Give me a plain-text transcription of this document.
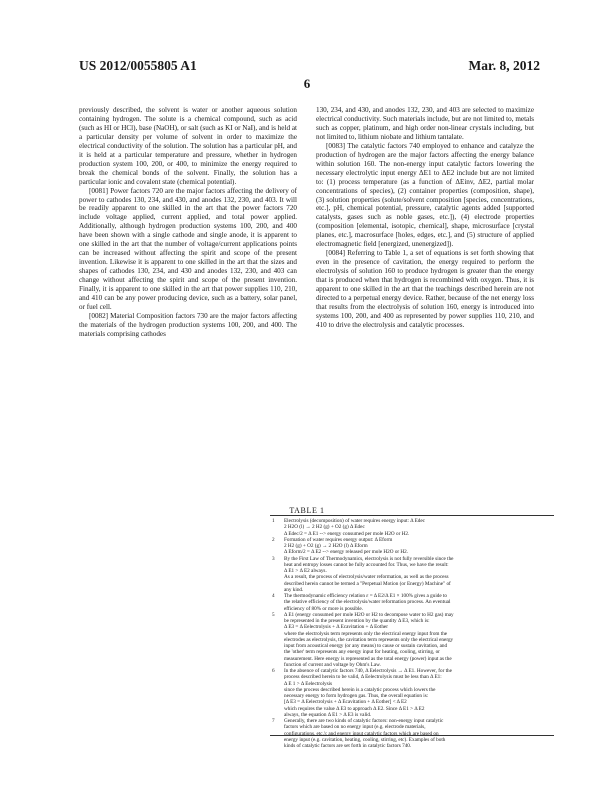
US 2012/0055805 A1	Mar. 8, 2012
6

previously described, the solvent is water or another aqueous solution containing hydrogen. The solute is a chemical compound, such as acid (such as HI or HCl), base (NaOH), or salt (such as KI or NaI), and is held at a particular density per volume of solvent in order to maximize the electrical conductivity of the solution. The solution has a particular pH, and it is held at a particular temperature and pressure, whether in hydrogen production system 100, 200, or 400, to minimize the energy required to break the chemical bonds of the solvent. Finally, the solution has a particular ionic and covalent state (chemical potential).

[0081] Power factors 720 are the major factors affecting the delivery of power to cathodes 130, 234, and 430, and anodes 132, 230, and 403. It will be readily apparent to one skilled in the art that the power factors 720 include voltage applied, current applied, and total power applied. Additionally, although hydrogen production systems 100, 200, and 400 have been shown with a single cathode and single anode, it is apparent to one skilled in the art that the number of voltage/current applications points can be increased without affecting the spirit and scope of the present invention. Likewise it is apparent to one skilled in the art that the sizes and shapes of cathodes 130, 234, and 430 and anodes 132, 230, and 403 can change without affecting the spirit and scope of the present invention. Finally, it is apparent to one skilled in the art that power supplies 110, 210, and 410 can be any power producing device, such as a battery, solar panel, or fuel cell.

[0082] Material Composition factors 730 are the major factors affecting the materials of the hydrogen production systems 100, 200, and 400. The materials comprising cathodes

130, 234, and 430, and anodes 132, 230, and 403 are selected to maximize electrical conductivity. Such materials include, but are not limited to, metals such as copper, platinum, and high order non-linear crystals including, but not limited to, lithium niobate and lithium tantalate.

[0083] The catalytic factors 740 employed to enhance and catalyze the production of hydrogen are the major factors affecting the energy balance within solution 160. The non-energy input catalytic factors lowering the necessary electrolytic input energy ΔE1 to ΔE2 include but are not limited to: (1) process temperature (as a function of ΔEinv, ΔE2, partial molar concentrations of species), (2) container properties (composition, shape), (3) solution properties (solute/solvent composition [species, concentrations, etc.], pH, chemical potential, pressure, catalytic agents added [supported catalysts, gases such as noble gases, etc.]), (4) electrode properties (composition [elemental, isotopic, chemical], shape, microsurface [crystal planes, etc.], macrosurface [holes, edges, etc.], and (5) structure of applied electromagnetic field [energized, unenergized]).

[0084] Referring to Table 1, a set of equations is set forth showing that even in the presence of cavitation, the energy required to perform the electrolysis of solution 160 to produce hydrogen is greater than the energy that is produced when that hydrogen is recombined with oxygen. Thus, it is apparent to one skilled in the art that the teachings described herein are not directed to a perpetual energy device. Rather, because of the net energy loss that results from the electrolysis of solution 160, energy is introduced into systems 100, 200, and 400 as represented by power supplies 110, 210, and 410 to drive the electrolysis and catalytic processes.

TABLE 1
1	Electrolysis (decomposition) of water requires energy input: Δ Edec
2 H2O (l) → 2 H2 (g) + O2 (g) Δ Edec
Δ Edec/2 = Δ E1 --> energy consumed per mole H2O or H2.
2	Formation of water requires energy output: Δ Eform
2 H2 (g) + O2 (g) → 2 H2O (l) Δ Eform
Δ Eform/2 = Δ E2 --> energy released per mole H2O or H2.
3	By the First Law of Thermodynamics, electrolysis is not fully reversible since the
heat and entropy losses cannot be fully accounted for. Thus, we have the result:
Δ E1 > Δ E2 always.
As a result, the process of electrolysis/water reformation, as well as the process
described herein cannot be termed a "Perpetual Motion (or Energy) Machine" of
any kind.
4	The thermodynamic efficiency relation ε = Δ E2/Δ E1 × 100% gives a guide to
the relative efficiency of the electrolysis/water reformation process. An eventual
efficiency of 80% or more is possible.
5	Δ E1 (energy consumed per mole H2O or H2 to decompose water to H2 gas) may
be represented in the present invention by the quantity Δ E3, which is:
Δ E3 = Δ Eelectrolysis + Δ Ecavitation + Δ Eother
where the electrolysis term represents only the electrical energy input from the
electrodes as electrolysis, the cavitation term represents only the electrical energy
input from acoustical energy (or any means) to cause or sustain cavitation, and
the 'other' term represents any energy input for heating, cooling, stirring, or
measurement. Here energy is represented as the total energy (power) input as the
function of current and voltage by Ohm's Law.
6	In the absence of catalytic factors 740, Δ Eelectrolysis → Δ E1. However, for the
process described herein to be valid, Δ Eelectrolysis must be less than Δ E1:
Δ E 1 > Δ Eelectrolysis
since the process described herein is a catalytic process which lowers the
necessary energy to form hydrogen gas. Thus, the overall equation is:
[Δ E3 = Δ Eelectrolysis + Δ Ecavitation + Δ Eother] < Δ E2
which requires the value Δ E3 to approach Δ E2. Since Δ E1 > Δ E2
always, the equation Δ E1 > Δ E3 is valid.
7	Generally, there are two kinds of catalytic factors: non-energy input catalytic
factors which are based on no energy input (e.g. electrode materials,
configurations, etc.); and energy input catalytic factors which are based on
energy input (e.g. cavitation, heating, cooling, stirring, etc). Examples of both
kinds of catalytic factors are set forth in catalytic factors 740.
